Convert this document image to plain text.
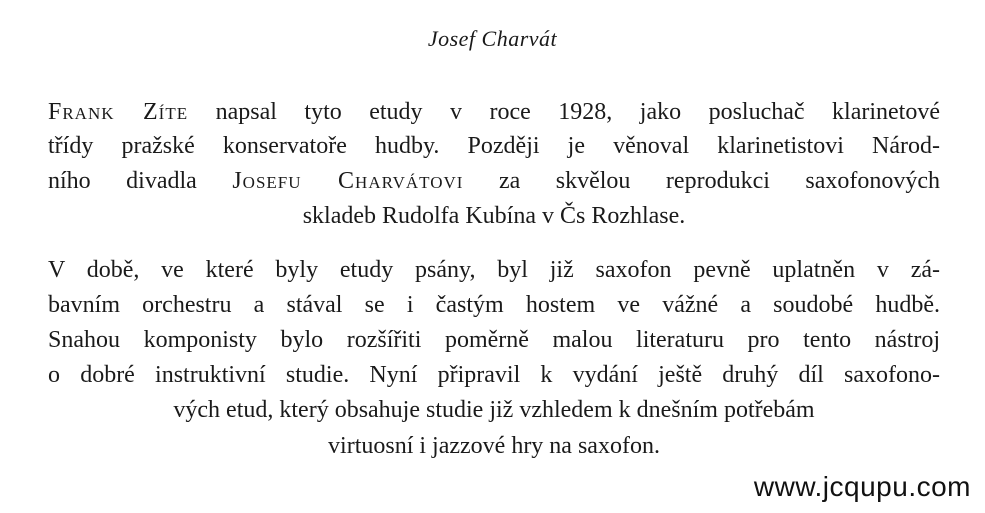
Josef Charvát
Frank Zíte napsal tyto etudy v roce 1928, jako posluchač klarinetové
třídy pražské konservatoře hudby. Později je věnoval klarinetistovi Národ-
ního divadla Josefu Charvátovi za skvělou reprodukci saxofonových
skladeb Rudolfa Kubína v Čs Rozhlase.
V době, ve které byly etudy psány, byl již saxofon pevně uplatněn v zá-
bavním orchestru a stával se i častým hostem ve vážné a soudobé hudbě.
Snahou komponisty bylo rozšířiti poměrně malou literaturu pro tento nástroj
o dobré instruktivní studie. Nyní připravil k vydání ještě druhý díl saxofono-
vých etud, který obsahuje studie již vzhledem k dnešním potřebám
virtuosní i jazzové hry na saxofon.
www.jcqupu.com
